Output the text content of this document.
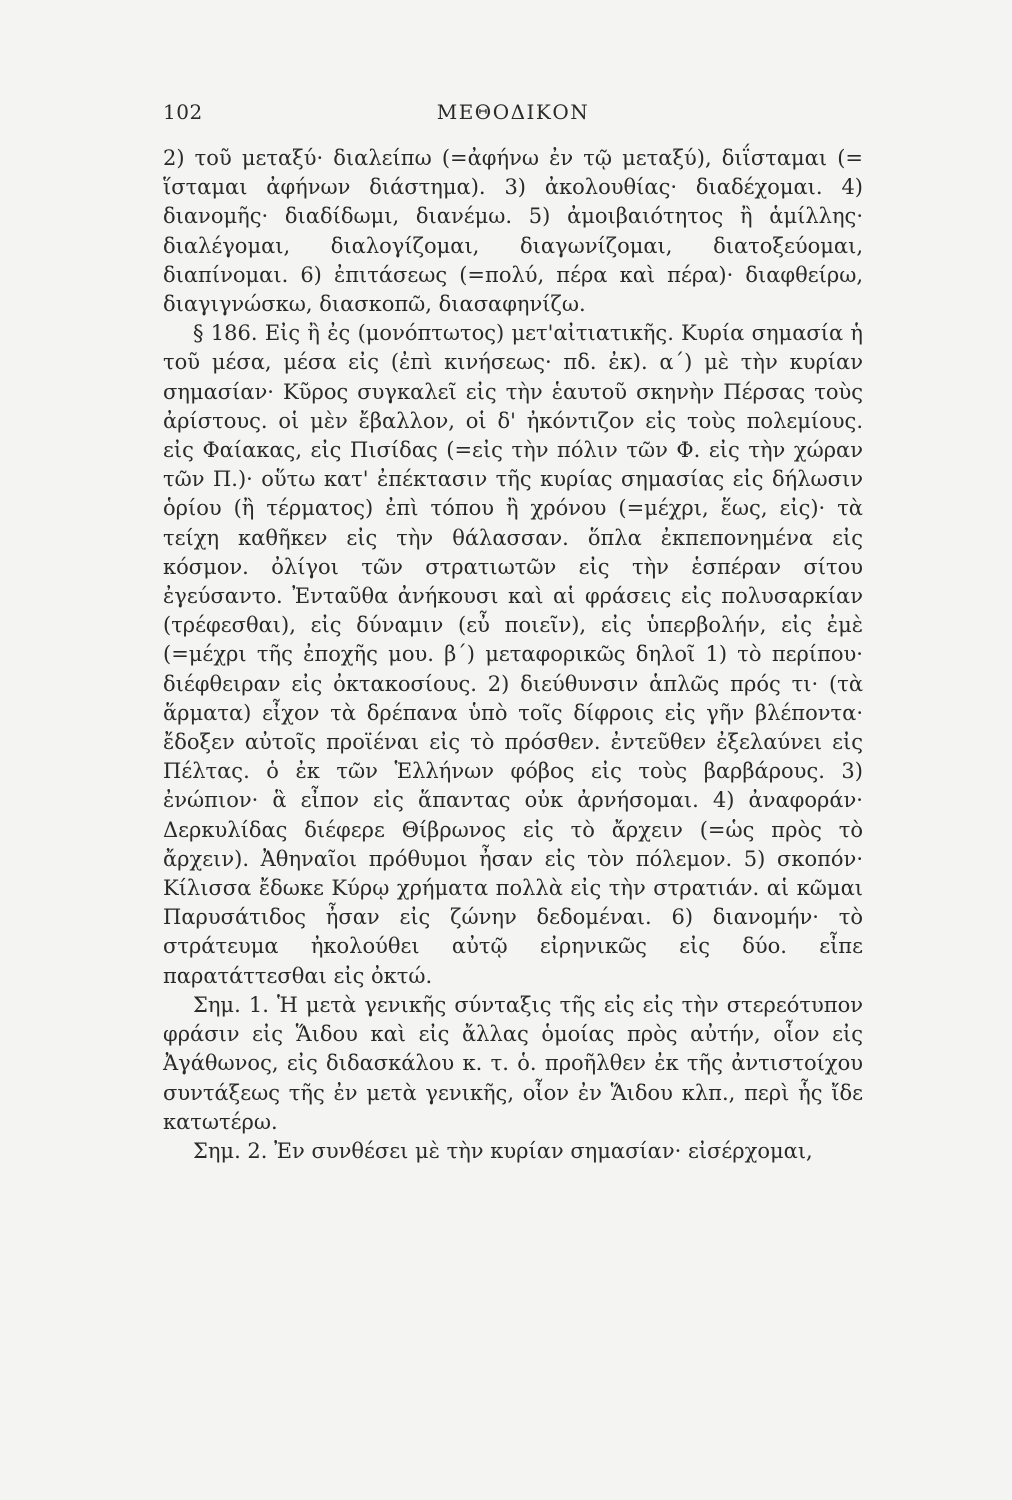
102	ΜΕΘΟΔΙΚΟΝ

2) τοῦ μεταξύ· διαλείπω (=ἀφήνω ἐν τῷ μεταξύ), διΐσταμαι (= ἵσταμαι ἀφήνων διάστημα). 3) ἀκολουθίας· διαδέχομαι. 4) διανομῆς· διαδίδωμι, διανέμω. 5) ἀμοιβαιότητος ἢ ἁμίλλης· διαλέγομαι, διαλογίζομαι, διαγωνίζομαι, διατοξεύομαι, διαπίνομαι. 6) ἐπιτάσεως (=πολύ, πέρα καὶ πέρα)· διαφθείρω, διαγιγνώσκω, διασκοπῶ, διασαφηνίζω.

§ 186. Εἰς ἢ ἐς (μονόπτωτος) μετ'αἰτιατικῆς. Κυρία σημασία ἡ τοῦ μέσα, μέσα εἰς (ἐπὶ κινήσεως· πδ. ἐκ). α΄) μὲ τὴν κυρίαν σημασίαν· Κῦρος συγκαλεῖ εἰς τὴν ἑαυτοῦ σκηνὴν Πέρσας τοὺς ἀρίστους. οἱ μὲν ἔβαλλον, οἱ δ' ἠκόντιζον εἰς τοὺς πολεμίους. εἰς Φαίακας, εἰς Πισίδας (=εἰς τὴν πόλιν τῶν Φ. εἰς τὴν χώραν τῶν Π.)· οὕτω κατ' ἐπέκτασιν τῆς κυρίας σημασίας εἰς δήλωσιν ὁρίου (ἢ τέρματος) ἐπὶ τόπου ἢ χρόνου (=μέχρι, ἕως, εἰς)· τὰ τείχη καθῆκεν εἰς τὴν θάλασσαν. ὅπλα ἐκπεπονημένα εἰς κόσμον. ὀλίγοι τῶν στρατιωτῶν εἰς τὴν ἑσπέραν σίτου ἐγεύσαντο. Ἐνταῦθα ἀνήκουσι καὶ αἱ φράσεις εἰς πολυσαρκίαν (τρέφεσθαι), εἰς δύναμιν (εὖ ποιεῖν), εἰς ὑπερβολήν, εἰς ἐμὲ (=μέχρι τῆς ἐποχῆς μου. β΄) μεταφορικῶς δηλοῖ 1) τὸ περίπου· διέφθειραν εἰς ὀκτακοσίους. 2) διεύθυνσιν ἁπλῶς πρός τι· (τὰ ἅρματα) εἶχον τὰ δρέπανα ὑπὸ τοῖς δίφροις εἰς γῆν βλέποντα· ἔδοξεν αὐτοῖς προϊέναι εἰς τὸ πρόσθεν. ἐντεῦθεν ἐξελαύνει εἰς Πέλτας. ὁ ἐκ τῶν Ἑλλήνων φόβος εἰς τοὺς βαρβάρους. 3) ἐνώπιον· ἃ εἶπον εἰς ἅπαντας οὐκ ἀρνήσομαι. 4) ἀναφοράν· Δερκυλίδας διέφερε Θίβρωνος εἰς τὸ ἄρχειν (=ὡς πρὸς τὸ ἄρχειν). Ἀθηναῖοι πρόθυμοι ἦσαν εἰς τὸν πόλεμον. 5) σκοπόν· Κίλισσα ἔδωκε Κύρῳ χρήματα πολλὰ εἰς τὴν στρατιάν. αἱ κῶμαι Παρυσάτιδος ἦσαν εἰς ζώνην δεδομέναι. 6) διανομήν· τὸ στράτευμα ἠκολούθει αὐτῷ εἰρηνικῶς εἰς δύο. εἶπε παρατάττεσθαι εἰς ὀκτώ.

Σημ. 1. Ἡ μετὰ γενικῆς σύνταξις τῆς εἰς εἰς τὴν στερεότυπον φράσιν εἰς Ἅιδου καὶ εἰς ἄλλας ὁμοίας πρὸς αὐτήν, οἷον εἰς Ἀγάθωνος, εἰς διδασκάλου κ. τ. ὁ. προῆλθεν ἐκ τῆς ἀντιστοίχου συντάξεως τῆς ἐν μετὰ γενικῆς, οἷον ἐν Ἅιδου κλπ., περὶ ἧς ἴδε κατωτέρω.

Σημ. 2. Ἐν συνθέσει μὲ τὴν κυρίαν σημασίαν· εἰσέρχομαι,
